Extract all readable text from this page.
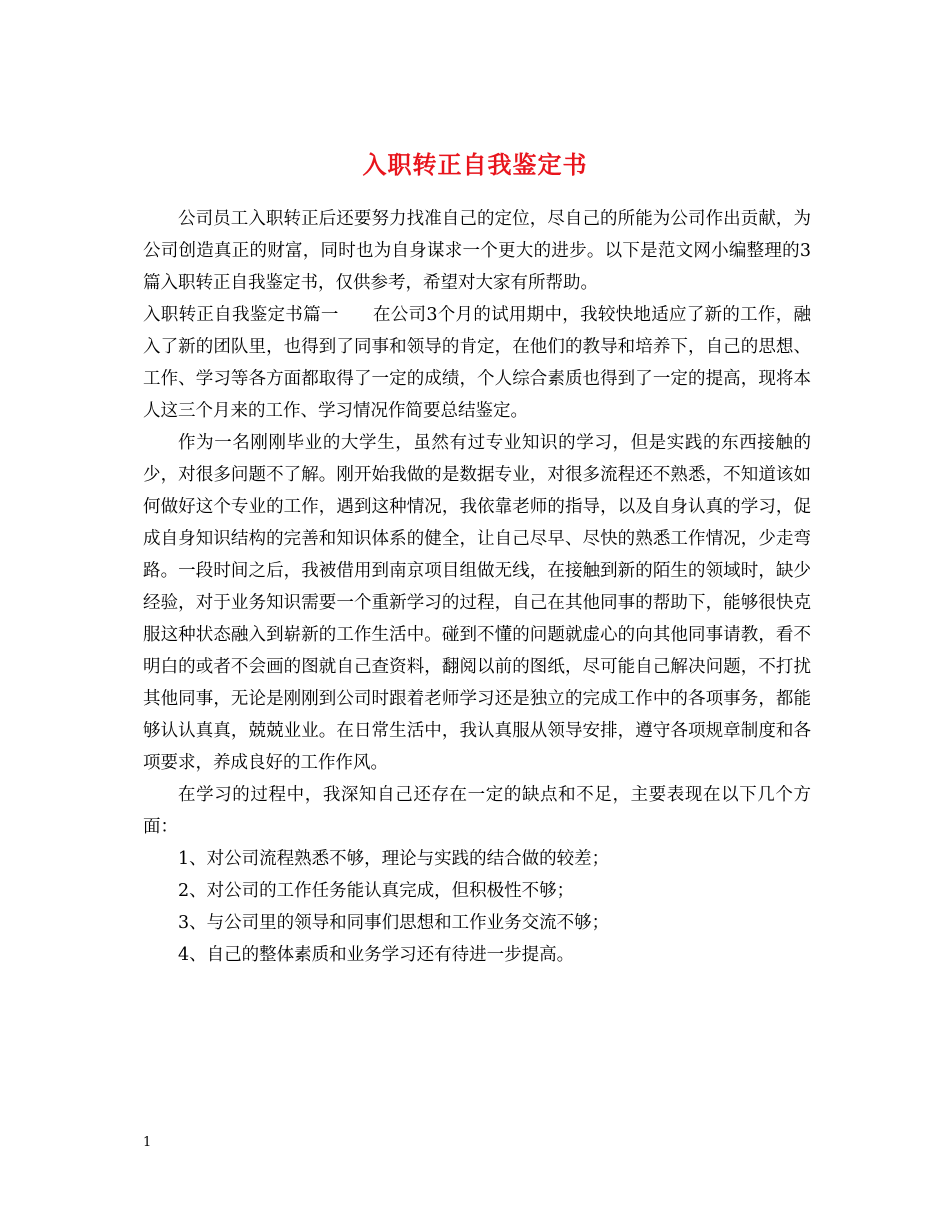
入职转正自我鉴定书

公司员工入职转正后还要努力找准自己的定位，尽自己的所能为公司作出贡献，为公司创造真正的财富，同时也为自身谋求一个更大的进步。以下是范文网小编整理的3篇入职转正自我鉴定书，仅供参考，希望对大家有所帮助。

入职转正自我鉴定书篇一 在公司3个月的试用期中，我较快地适应了新的工作，融入了新的团队里，也得到了同事和领导的肯定，在他们的教导和培养下，自己的思想、工作、学习等各方面都取得了一定的成绩，个人综合素质也得到了一定的提高，现将本人这三个月来的工作、学习情况作简要总结鉴定。

作为一名刚刚毕业的大学生，虽然有过专业知识的学习，但是实践的东西接触的少，对很多问题不了解。刚开始我做的是数据专业，对很多流程还不熟悉，不知道该如何做好这个专业的工作，遇到这种情况，我依靠老师的指导，以及自身认真的学习，促成自身知识结构的完善和知识体系的健全，让自己尽早、尽快的熟悉工作情况，少走弯路。一段时间之后，我被借用到南京项目组做无线，在接触到新的陌生的领域时，缺少经验，对于业务知识需要一个重新学习的过程，自己在其他同事的帮助下，能够很快克服这种状态融入到崭新的工作生活中。碰到不懂的问题就虚心的向其他同事请教，看不明白的或者不会画的图就自己查资料，翻阅以前的图纸，尽可能自己解决问题，不打扰其他同事，无论是刚刚到公司时跟着老师学习还是独立的完成工作中的各项事务，都能够认认真真，兢兢业业。在日常生活中，我认真服从领导安排，遵守各项规章制度和各项要求，养成良好的工作作风。

在学习的过程中，我深知自己还存在一定的缺点和不足，主要表现在以下几个方面：

1、对公司流程熟悉不够，理论与实践的结合做的较差；

2、对公司的工作任务能认真完成，但积极性不够；

3、与公司里的领导和同事们思想和工作业务交流不够；

4、自己的整体素质和业务学习还有待进一步提高。

1
